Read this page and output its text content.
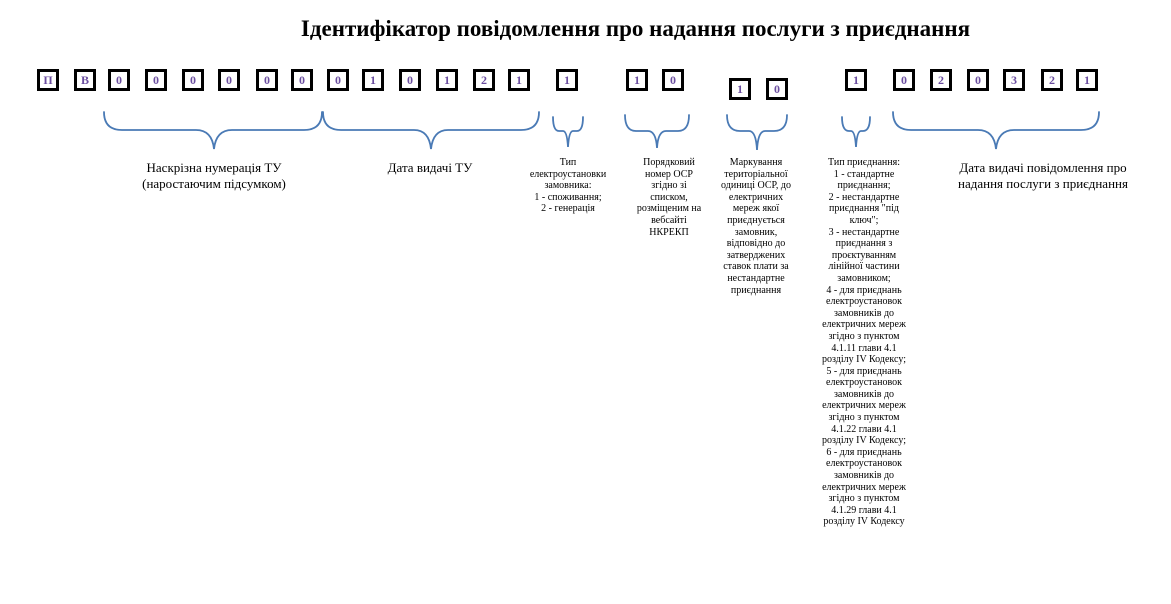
Ідентифікатор повідомлення про надання послуги з приєднання
П	В	0	0	0	0	0	0	0	1	0	1	2	1	1	1	0
1	0
1	0	2	0	3	2	1
Наскрізна нумерація ТУ
(наростаючим підсумком)
Дата видачі ТУ	Тип
електроустановки
замовника:
1 - споживання;
2 - генерація
Порядковий
номер ОСР
згідно зі
списком,
розміщеним на
вебсайті
НКРЕКП
Маркування
територіальної
одиниці ОСР, до
електричних
мереж якої
приєднується
замовник,
відповідно до
затверджених
ставок плати за
нестандартне
приєднання
Тип приєднання:
1 - стандартне
приєднання;
2 - нестандартне
приєднання "під
ключ";
3 - нестандартне
приєднання з
проєктуванням
лінійної частини
замовником;
4 - для приєднань
електроустановок
замовників до
електричних мереж
згідно з пунктом
4.1.11 глави 4.1
розділу IV Кодексу;
5 - для приєднань
електроустановок
замовників до
електричних мереж
згідно з пунктом
4.1.22 глави 4.1
розділу IV Кодексу;
6 - для приєднань
електроустановок
замовників до
електричних мереж
згідно з пунктом
4.1.29 глави 4.1
розділу IV Кодексу
Дата видачі повідомлення про
надання послуги з приєднання
